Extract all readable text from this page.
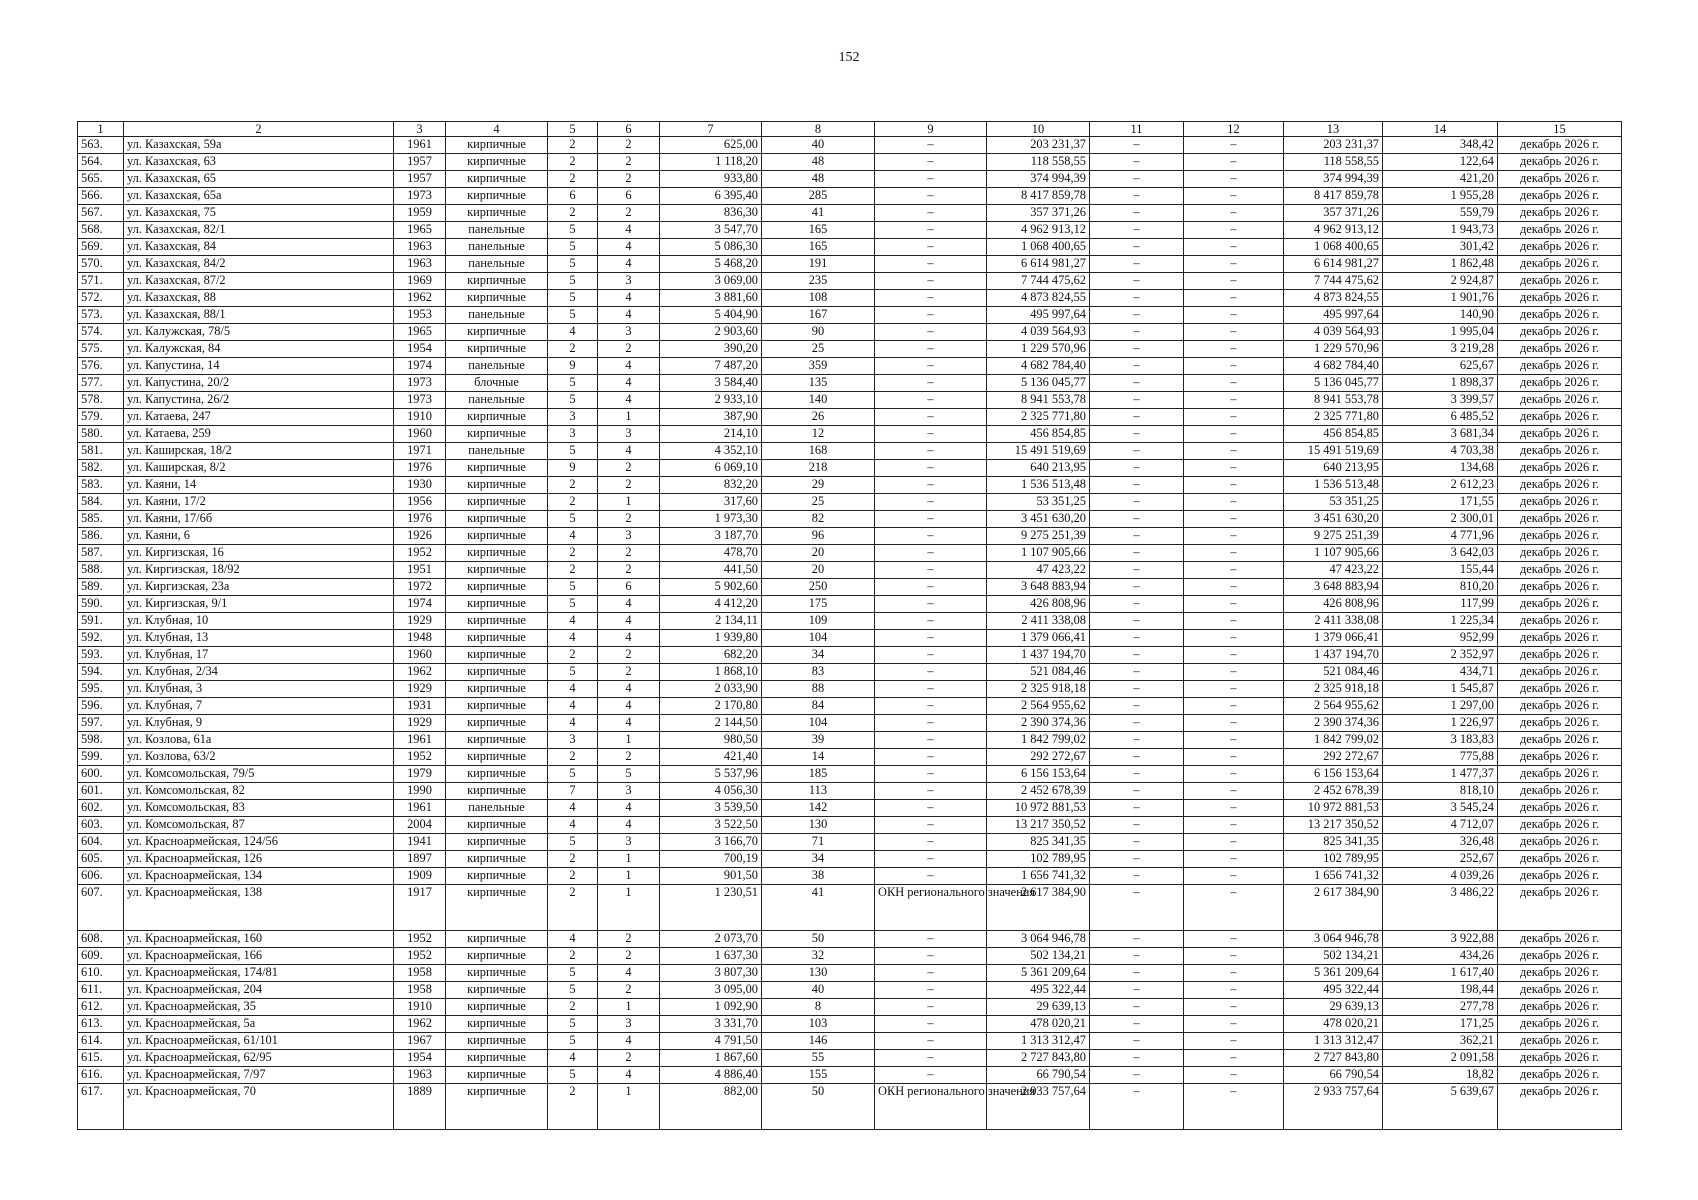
152
1	2	3	4	5	6	7	8	9	10	11	12	13	14	15
563.	ул. Казахская, 59а	1961	кирпичные	2	2	625,00	40	–	203 231,37	–	–	203 231,37	348,42	декабрь 2026 г.
564.	ул. Казахская, 63	1957	кирпичные	2	2	1 118,20	48	–	118 558,55	–	–	118 558,55	122,64	декабрь 2026 г.
565.	ул. Казахская, 65	1957	кирпичные	2	2	933,80	48	–	374 994,39	–	–	374 994,39	421,20	декабрь 2026 г.
566.	ул. Казахская, 65а	1973	кирпичные	6	6	6 395,40	285	–	8 417 859,78	–	–	8 417 859,78	1 955,28	декабрь 2026 г.
567.	ул. Казахская, 75	1959	кирпичные	2	2	836,30	41	–	357 371,26	–	–	357 371,26	559,79	декабрь 2026 г.
568.	ул. Казахская, 82/1	1965	панельные	5	4	3 547,70	165	–	4 962 913,12	–	–	4 962 913,12	1 943,73	декабрь 2026 г.
569.	ул. Казахская, 84	1963	панельные	5	4	5 086,30	165	–	1 068 400,65	–	–	1 068 400,65	301,42	декабрь 2026 г.
570.	ул. Казахская, 84/2	1963	панельные	5	4	5 468,20	191	–	6 614 981,27	–	–	6 614 981,27	1 862,48	декабрь 2026 г.
571.	ул. Казахская, 87/2	1969	кирпичные	5	3	3 069,00	235	–	7 744 475,62	–	–	7 744 475,62	2 924,87	декабрь 2026 г.
572.	ул. Казахская, 88	1962	кирпичные	5	4	3 881,60	108	–	4 873 824,55	–	–	4 873 824,55	1 901,76	декабрь 2026 г.
573.	ул. Казахская, 88/1	1953	панельные	5	4	5 404,90	167	–	495 997,64	–	–	495 997,64	140,90	декабрь 2026 г.
574.	ул. Калужская, 78/5	1965	кирпичные	4	3	2 903,60	90	–	4 039 564,93	–	–	4 039 564,93	1 995,04	декабрь 2026 г.
575.	ул. Калужская, 84	1954	кирпичные	2	2	390,20	25	–	1 229 570,96	–	–	1 229 570,96	3 219,28	декабрь 2026 г.
576.	ул. Капустина, 14	1974	панельные	9	4	7 487,20	359	–	4 682 784,40	–	–	4 682 784,40	625,67	декабрь 2026 г.
577.	ул. Капустина, 20/2	1973	блочные	5	4	3 584,40	135	–	5 136 045,77	–	–	5 136 045,77	1 898,37	декабрь 2026 г.
578.	ул. Капустина, 26/2	1973	панельные	5	4	2 933,10	140	–	8 941 553,78	–	–	8 941 553,78	3 399,57	декабрь 2026 г.
579.	ул. Катаева, 247	1910	кирпичные	3	1	387,90	26	–	2 325 771,80	–	–	2 325 771,80	6 485,52	декабрь 2026 г.
580.	ул. Катаева, 259	1960	кирпичные	3	3	214,10	12	–	456 854,85	–	–	456 854,85	3 681,34	декабрь 2026 г.
581.	ул. Каширская, 18/2	1971	панельные	5	4	4 352,10	168	–	15 491 519,69	–	–	15 491 519,69	4 703,38	декабрь 2026 г.
582.	ул. Каширская, 8/2	1976	кирпичные	9	2	6 069,10	218	–	640 213,95	–	–	640 213,95	134,68	декабрь 2026 г.
583.	ул. Каяни, 14	1930	кирпичные	2	2	832,20	29	–	1 536 513,48	–	–	1 536 513,48	2 612,23	декабрь 2026 г.
584.	ул. Каяни, 17/2	1956	кирпичные	2	1	317,60	25	–	53 351,25	–	–	53 351,25	171,55	декабрь 2026 г.
585.	ул. Каяни, 17/6б	1976	кирпичные	5	2	1 973,30	82	–	3 451 630,20	–	–	3 451 630,20	2 300,01	декабрь 2026 г.
586.	ул. Каяни, 6	1926	кирпичные	4	3	3 187,70	96	–	9 275 251,39	–	–	9 275 251,39	4 771,96	декабрь 2026 г.
587.	ул. Киргизская, 16	1952	кирпичные	2	2	478,70	20	–	1 107 905,66	–	–	1 107 905,66	3 642,03	декабрь 2026 г.
588.	ул. Киргизская, 18/92	1951	кирпичные	2	2	441,50	20	–	47 423,22	–	–	47 423,22	155,44	декабрь 2026 г.
589.	ул. Киргизская, 23а	1972	кирпичные	5	6	5 902,60	250	–	3 648 883,94	–	–	3 648 883,94	810,20	декабрь 2026 г.
590.	ул. Киргизская, 9/1	1974	кирпичные	5	4	4 412,20	175	–	426 808,96	–	–	426 808,96	117,99	декабрь 2026 г.
591.	ул. Клубная, 10	1929	кирпичные	4	4	2 134,11	109	–	2 411 338,08	–	–	2 411 338,08	1 225,34	декабрь 2026 г.
592.	ул. Клубная, 13	1948	кирпичные	4	4	1 939,80	104	–	1 379 066,41	–	–	1 379 066,41	952,99	декабрь 2026 г.
593.	ул. Клубная, 17	1960	кирпичные	2	2	682,20	34	–	1 437 194,70	–	–	1 437 194,70	2 352,97	декабрь 2026 г.
594.	ул. Клубная, 2/34	1962	кирпичные	5	2	1 868,10	83	–	521 084,46	–	–	521 084,46	434,71	декабрь 2026 г.
595.	ул. Клубная, 3	1929	кирпичные	4	4	2 033,90	88	–	2 325 918,18	–	–	2 325 918,18	1 545,87	декабрь 2026 г.
596.	ул. Клубная, 7	1931	кирпичные	4	4	2 170,80	84	–	2 564 955,62	–	–	2 564 955,62	1 297,00	декабрь 2026 г.
597.	ул. Клубная, 9	1929	кирпичные	4	4	2 144,50	104	–	2 390 374,36	–	–	2 390 374,36	1 226,97	декабрь 2026 г.
598.	ул. Козлова, 61а	1961	кирпичные	3	1	980,50	39	–	1 842 799,02	–	–	1 842 799,02	3 183,83	декабрь 2026 г.
599.	ул. Козлова, 63/2	1952	кирпичные	2	2	421,40	14	–	292 272,67	–	–	292 272,67	775,88	декабрь 2026 г.
600.	ул. Комсомольская, 79/5	1979	кирпичные	5	5	5 537,96	185	–	6 156 153,64	–	–	6 156 153,64	1 477,37	декабрь 2026 г.
601.	ул. Комсомольская, 82	1990	кирпичные	7	3	4 056,30	113	–	2 452 678,39	–	–	2 452 678,39	818,10	декабрь 2026 г.
602.	ул. Комсомольская, 83	1961	панельные	4	4	3 539,50	142	–	10 972 881,53	–	–	10 972 881,53	3 545,24	декабрь 2026 г.
603.	ул. Комсомольская, 87	2004	кирпичные	4	4	3 522,50	130	–	13 217 350,52	–	–	13 217 350,52	4 712,07	декабрь 2026 г.
604.	ул. Красноармейская, 124/56	1941	кирпичные	5	3	3 166,70	71	–	825 341,35	–	–	825 341,35	326,48	декабрь 2026 г.
605.	ул. Красноармейская, 126	1897	кирпичные	2	1	700,19	34	–	102 789,95	–	–	102 789,95	252,67	декабрь 2026 г.
606.	ул. Красноармейская, 134	1909	кирпичные	2	1	901,50	38	–	1 656 741,32	–	–	1 656 741,32	4 039,26	декабрь 2026 г.
607.	ул. Красноармейская, 138	1917	кирпичные	2	1	1 230,51	41	ОКН регионального значения	2 617 384,90	–	–	2 617 384,90	3 486,22	декабрь 2026 г.
608.	ул. Красноармейская, 160	1952	кирпичные	4	2	2 073,70	50	–	3 064 946,78	–	–	3 064 946,78	3 922,88	декабрь 2026 г.
609.	ул. Красноармейская, 166	1952	кирпичные	2	2	1 637,30	32	–	502 134,21	–	–	502 134,21	434,26	декабрь 2026 г.
610.	ул. Красноармейская, 174/81	1958	кирпичные	5	4	3 807,30	130	–	5 361 209,64	–	–	5 361 209,64	1 617,40	декабрь 2026 г.
611.	ул. Красноармейская, 204	1958	кирпичные	5	2	3 095,00	40	–	495 322,44	–	–	495 322,44	198,44	декабрь 2026 г.
612.	ул. Красноармейская, 35	1910	кирпичные	2	1	1 092,90	8	–	29 639,13	–	–	29 639,13	277,78	декабрь 2026 г.
613.	ул. Красноармейская, 5а	1962	кирпичные	5	3	3 331,70	103	–	478 020,21	–	–	478 020,21	171,25	декабрь 2026 г.
614.	ул. Красноармейская, 61/101	1967	кирпичные	5	4	4 791,50	146	–	1 313 312,47	–	–	1 313 312,47	362,21	декабрь 2026 г.
615.	ул. Красноармейская, 62/95	1954	кирпичные	4	2	1 867,60	55	–	2 727 843,80	–	–	2 727 843,80	2 091,58	декабрь 2026 г.
616.	ул. Красноармейская, 7/97	1963	кирпичные	5	4	4 886,40	155	–	66 790,54	–	–	66 790,54	18,82	декабрь 2026 г.
617.	ул. Красноармейская, 70	1889	кирпичные	2	1	882,00	50	ОКН регионального значения	2 933 757,64	–	–	2 933 757,64	5 639,67	декабрь 2026 г.
